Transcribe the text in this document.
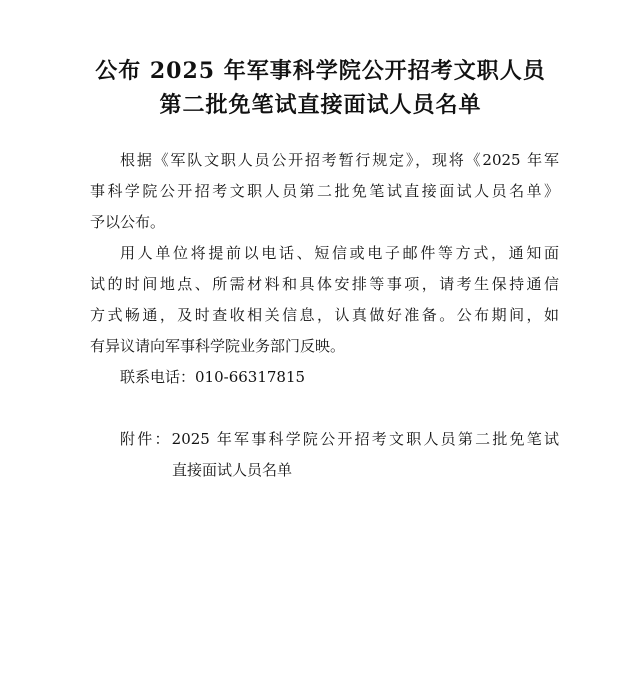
公布 2025 年军事科学院公开招考文职人员
第二批免笔试直接面试人员名单

根据《军队文职人员公开招考暂行规定》，现将《2025 年军

事科学院公开招考文职人员第二批免笔试直接面试人员名单》

予以公布。

用人单位将提前以电话、短信或电子邮件等方式，通知面

试的时间地点、所需材料和具体安排等事项，请考生保持通信

方式畅通，及时查收相关信息，认真做好准备。公布期间，如

有异议请向军事科学院业务部门反映。

联系电话：010-66317815

附件：2025 年军事科学院公开招考文职人员第二批免笔试

直接面试人员名单
